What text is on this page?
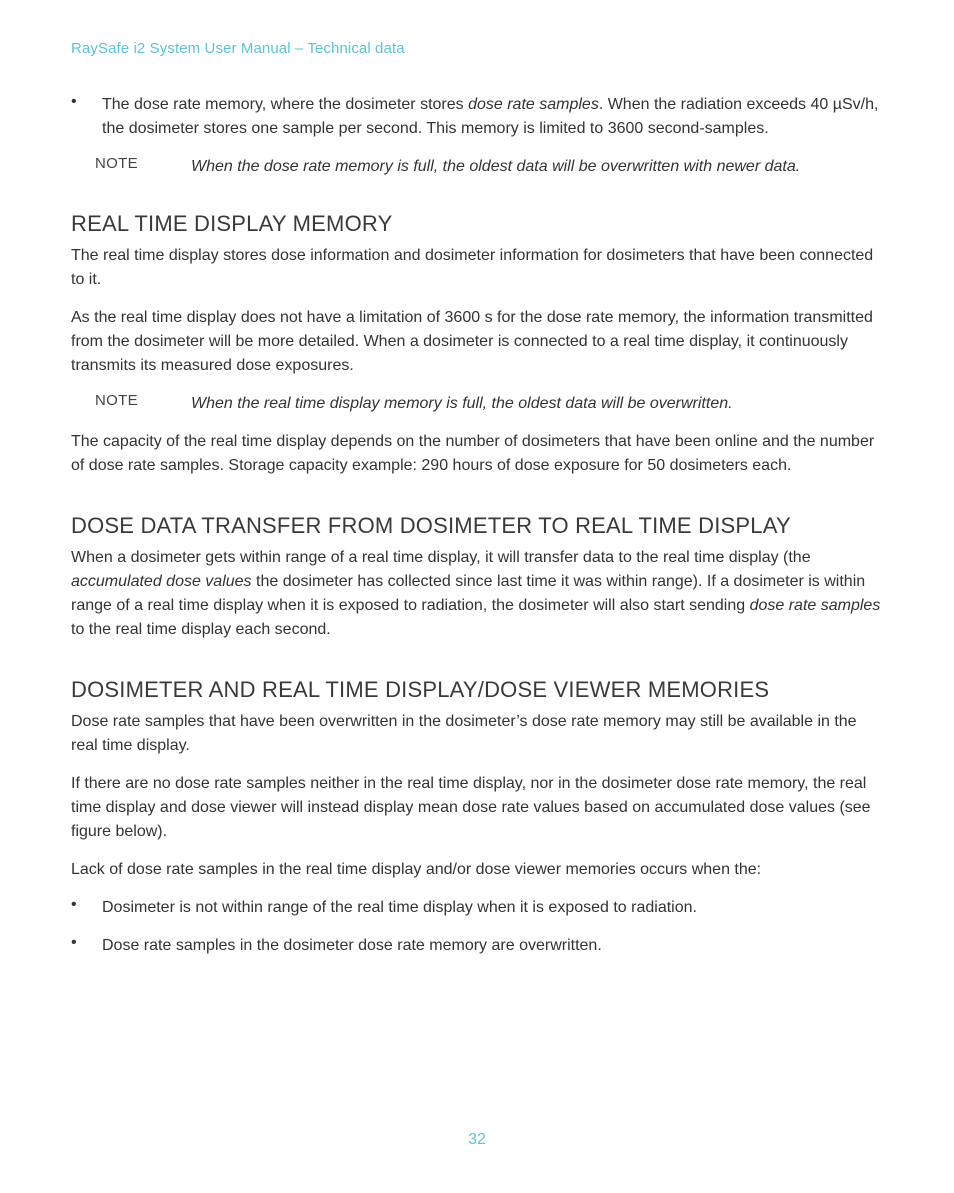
RaySafe i2 System User Manual – Technical data
• The dose rate memory, where the dosimeter stores dose rate samples. When the radiation exceeds 40 µSv/h, the dosimeter stores one sample per second. This memory is limited to 3600 second-samples.

NOTE	When the dose rate memory is full, the oldest data will be overwritten with newer data.

REAL TIME DISPLAY MEMORY

The real time display stores dose information and dosimeter information for dosimeters that have been connected to it.

As the real time display does not have a limitation of 3600 s for the dose rate memory, the information transmitted from the dosimeter will be more detailed. When a dosimeter is connected to a real time display, it continuously transmits its measured dose exposures.

NOTE	When the real time display memory is full, the oldest data will be overwritten.

The capacity of the real time display depends on the number of dosimeters that have been online and the number of dose rate samples. Storage capacity example: 290 hours of dose exposure for 50 dosimeters each.

DOSE DATA TRANSFER FROM DOSIMETER TO REAL TIME DISPLAY

When a dosimeter gets within range of a real time display, it will transfer data to the real time display (the accumulated dose values the dosimeter has collected since last time it was within range). If a dosimeter is within range of a real time display when it is exposed to radiation, the dosimeter will also start sending dose rate samples to the real time display each second.

DOSIMETER AND REAL TIME DISPLAY/DOSE VIEWER MEMORIES

Dose rate samples that have been overwritten in the dosimeter’s dose rate memory may still be available in the real time display.

If there are no dose rate samples neither in the real time display, nor in the dosimeter dose rate memory, the real time display and dose viewer will instead display mean dose rate values based on accumulated dose values (see figure below).

Lack of dose rate samples in the real time display and/or dose viewer memories occurs when the:

• Dosimeter is not within range of the real time display when it is exposed to radiation.

• Dose rate samples in the dosimeter dose rate memory are overwritten.

32
